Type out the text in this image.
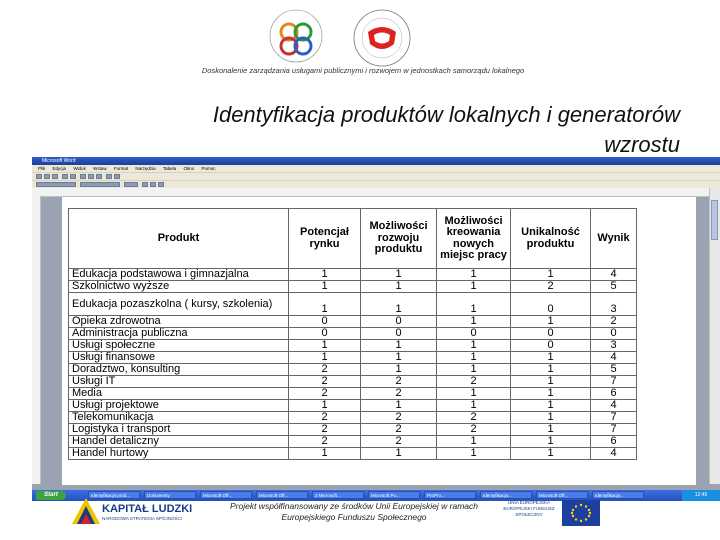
Doskonalenie zarządzania usługami publicznymi i rozwojem w jednostkach samorządu lokalnego
Identyfikacja produktów lokalnych i generatorów wzrostu
Microsoft Word
Plik Edycja Widok Wstaw Format Narzędzia Tabela Okno Pomoc
Produkt	Potencjał rynku	Możliwości rozwoju produktu	Możliwości kreowania nowych miejsc pracy	Unikalność produktu	Wynik
Edukacja podstawowa i gimnazjalna	1	1	1	1	4
Szkolnictwo wyższe	1	1	1	2	5
Edukacja pozaszkolna ( kursy, szkolenia)	1	1	1	0	3
Opieka zdrowotna	0	0	1	1	2
Administracja publiczna	0	0	0	0	0
Usługi społeczne	1	1	1	0	3
Usługi finansowe	1	1	1	1	4
Doradztwo, konsulting	2	1	1	1	5
Usługi IT	2	2	2	1	7
Media	2	2	1	1	6
Usługi projektowe	1	1	1	1	4
Telekomunikacja	2	2	2	1	7
Logistyka i transport	2	2	2	1	7
Handel detaliczny	2	2	1	1	6
Handel hurtowy	1	1	1	1	4
Start	Identyfikacja prod...	Dokumenty	Microsoft Off...	Microsoft Off...	2 Microsoft...	Microsoft Po...	ProPro...	Identyfikacja...	Microsoft Off...	Identyfikacja...	12:45
KAPITAŁ LUDZKI
NARODOWA STRATEGIA SPÓJNOŚCI
Projekt współfinansowany ze środków Unii Europejskiej w ramach Europejskiego Funduszu Społecznego
UNIA EUROPEJSKA EUROPEJSKI FUNDUSZ SPOŁECZNY
